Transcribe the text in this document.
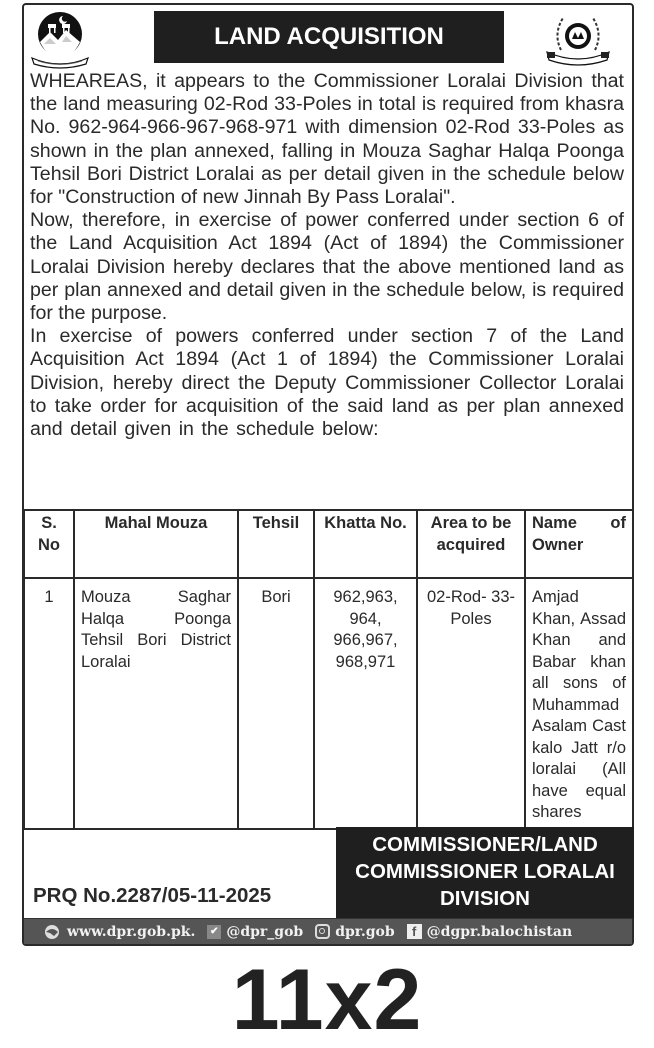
LAND ACQUISITION

WHEAREAS, it appears to the Commissioner Loralai Division that the land measuring 02-Rod 33-Poles in total is required from khasra No. 962-964-966-967-968-971 with dimension 02-Rod 33-Poles as shown in the plan annexed, falling in Mouza Saghar Halqa Poonga Tehsil Bori District Loralai as per detail given in the schedule below for "Construction of new Jinnah By Pass Loralai".

Now, therefore, in exercise of power conferred under section 6 of the Land Acquisition Act 1894 (Act of 1894) the Commissioner Loralai Division hereby declares that the above mentioned land as per plan annexed and detail given in the schedule below, is required for the purpose.

In exercise of powers conferred under section 7 of the Land Acquisition Act 1894 (Act 1 of 1894) the Commissioner Loralai Division, hereby direct the Deputy Commissioner Collector Loralai to take order for acquisition of the said land as per plan annexed and detail given in the schedule below:

S. No	Mahal Mouza	Tehsil	Khatta No.	Area to be acquired	Name of
Owner

1	Mouza Saghar Halqa Poonga Tehsil Bori District Loralai	Bori	962,963, 964, 966,967, 968,971	02-Rod- 33-Poles	Amjad Khan, Assad Khan and Babar khan all sons of Muhammad Asalam Cast kalo Jatt r/o loralai (All have equal shares
PRQ No.2287/05-11-2025
COMMISSIONER/LAND
COMMISSIONER LORALAI
DIVISION
www.dpr.gob.pk. ✔ @dpr_gob dpr.gob	f @dgpr.balochistan
11x2
